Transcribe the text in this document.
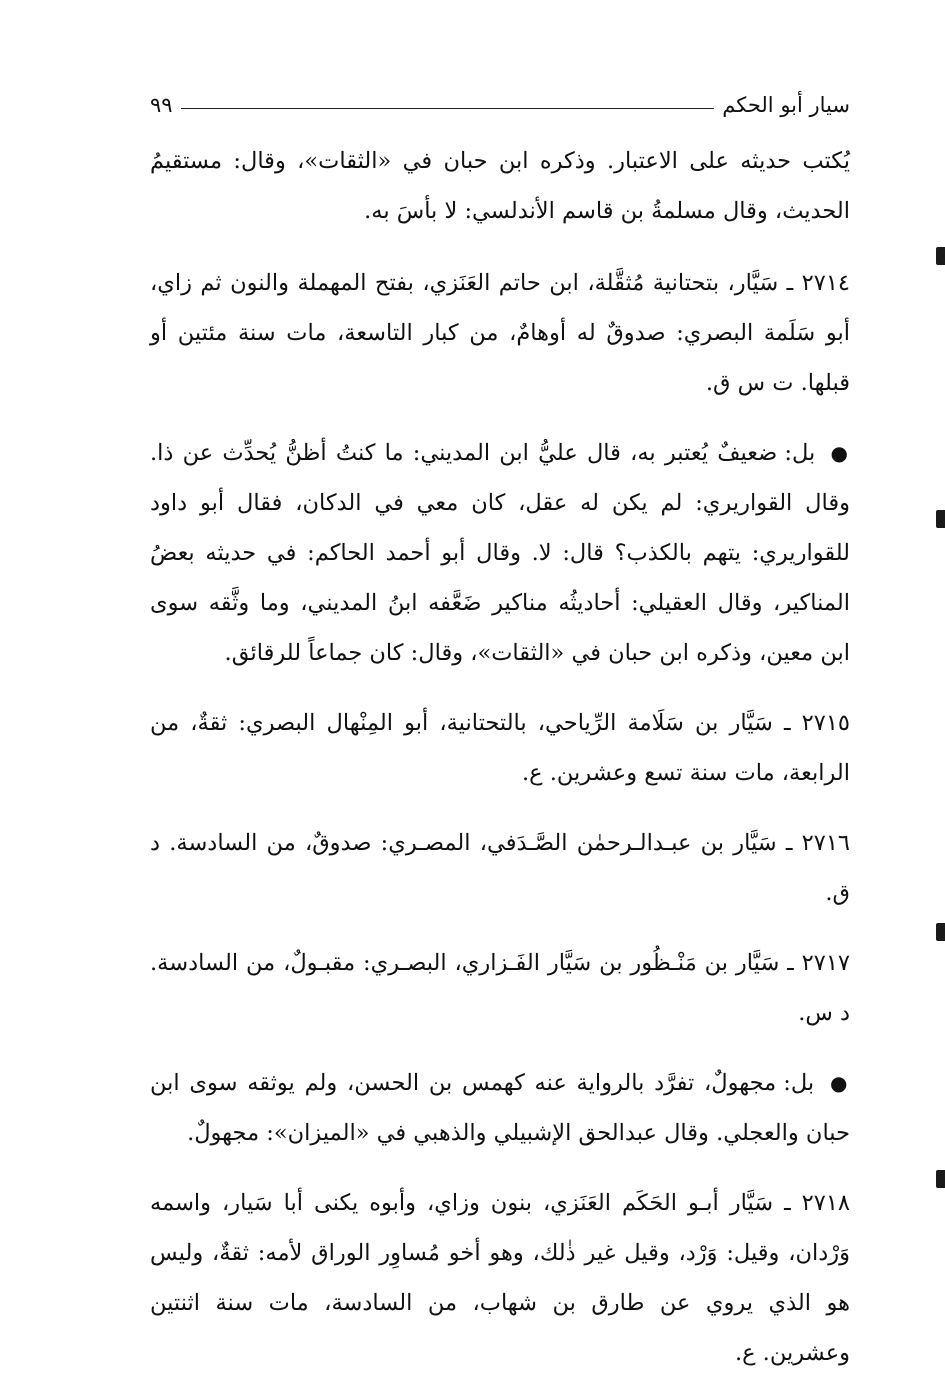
سيار أبو الحكم
٩٩

يُكتب حديثه على الاعتبار. وذكره ابن حبان في «الثقات»، وقال: مستقيمُ الحديث، وقال مسلمةُ بن قاسم الأندلسي: لا بأسَ به.

٢٧١٤ ـ سَيَّار، بتحتانية مُثقَّلة، ابن حاتم العَنَزي، بفتح المهملة والنون ثم زاي، أبو سَلَمة البصري: صدوقٌ له أوهامٌ، من كبار التاسعة، مات سنة مئتين أو قبلها. ت س ق.

● بل: ضعيفٌ يُعتبر به، قال عليُّ ابن المديني: ما كنتُ أظنُّ يُحدِّث عن ذا. وقال القواريري: لم يكن له عقل، كان معي في الدكان، فقال أبو داود للقواريري: يتهم بالكذب؟ قال: لا. وقال أبو أحمد الحاكم: في حديثه بعضُ المناكير، وقال العقيلي: أحاديثُه مناكير ضَعَّفه ابنُ المديني، وما وثَّقه سوى ابن معين، وذكره ابن حبان في «الثقات»، وقال: كان جماعاً للرقائق.

٢٧١٥ ـ سَيَّار بن سَلَامة الرِّياحي، بالتحتانية، أبو المِنْهال البصري: ثقةٌ، من الرابعة، مات سنة تسع وعشرين. ع.

٢٧١٦ ـ سَيَّار بن عبـدالـرحمٰن الصَّـدَفي، المصـري: صدوقٌ، من السادسة. د ق.

٢٧١٧ ـ سَيَّار بن مَنْـظُور بن سَيَّار الفَـزاري، البصـري: مقبـولٌ، من السادسة. د س.

● بل: مجهولٌ، تفرَّد بالرواية عنه كهمس بن الحسن، ولم يوثقه سوى ابن حبان والعجلي. وقال عبدالحق الإشبيلي والذهبي في «الميزان»: مجهولٌ.

٢٧١٨ ـ سَيَّار أبـو الحَكَم العَنَزي، بنون وزاي، وأبوه يكنى أبا سَيار، واسمه وَرْدان، وقيل: وَرْد، وقيل غير ذٰلك، وهو أخو مُساوِر الوراق لأمه: ثقةٌ، وليس هو الذي يروي عن طارق بن شهاب، من السادسة، مات سنة اثنتين وعشرين. ع.
